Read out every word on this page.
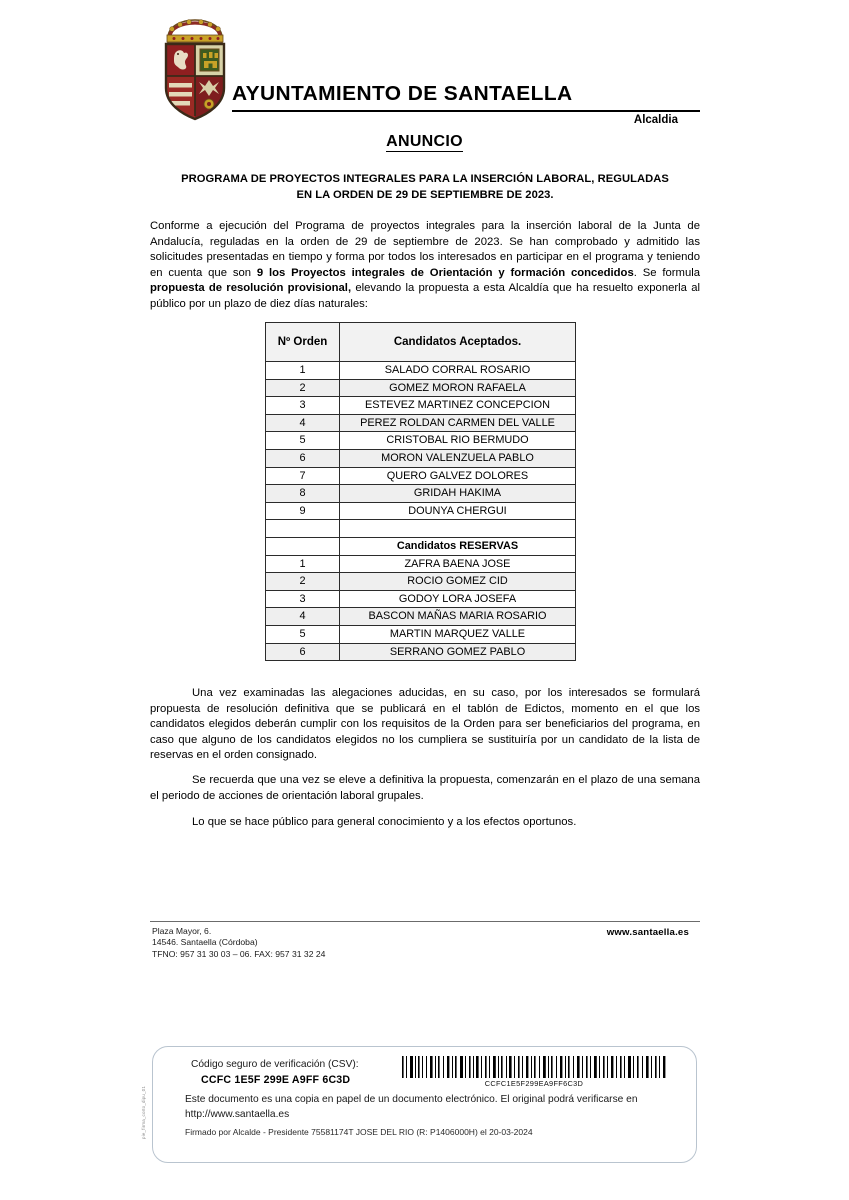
AYUNTAMIENTO DE SANTAELLA
Alcaldia
ANUNCIO
PROGRAMA DE PROYECTOS INTEGRALES PARA LA INSERCIÓN LABORAL, REGULADAS
EN LA ORDEN DE 29 DE SEPTIEMBRE DE 2023.
Conforme a ejecución del Programa de proyectos integrales para la inserción laboral de la Junta de Andalucía, reguladas en la orden de 29 de septiembre de 2023. Se han comprobado y admitido las solicitudes presentadas en tiempo y forma por todos los interesados en participar en el programa y teniendo en cuenta que son 9 los Proyectos integrales de Orientación y formación concedidos. Se formula propuesta de resolución provisional, elevando la propuesta a esta Alcaldía que ha resuelto exponerla al público por un plazo de diez días naturales:
Nº Orden	Candidatos Aceptados.
1	SALADO CORRAL ROSARIO
2	GOMEZ MORON RAFAELA
3	ESTEVEZ MARTINEZ CONCEPCION
4	PEREZ ROLDAN CARMEN DEL VALLE
5	CRISTOBAL RIO BERMUDO
6	MORON VALENZUELA PABLO
7	QUERO GALVEZ DOLORES
8	GRIDAH HAKIMA
9	DOUNYA CHERGUI

	Candidatos RESERVAS
1	ZAFRA BAENA JOSE
2	ROCIO GOMEZ CID
3	GODOY LORA JOSEFA
4	BASCON MAÑAS MARIA ROSARIO
5	MARTIN MARQUEZ VALLE
6	SERRANO GOMEZ PABLO
Una vez examinadas las alegaciones aducidas, en su caso, por los interesados se formulará propuesta de resolución definitiva que se publicará en el tablón de Edictos, momento en el que los candidatos elegidos deberán cumplir con los requisitos de la Orden para ser beneficiarios del programa, en caso que alguno de los candidatos elegidos no los cumpliera se sustituiría por un candidato de la lista de reservas en el orden consignado.
Se recuerda que una vez se eleve a definitiva la propuesta, comenzarán en el plazo de una semana el periodo de acciones de orientación laboral grupales.
Lo que se hace público para general conocimiento y a los efectos oportunos.
Plaza Mayor, 6.
14546. Santaella (Córdoba)
TFNO: 957 31 30 03 – 06. FAX: 957 31 32 24
www.santaella.es
pie_firma_corto_dipu_01
Código seguro de verificación (CSV):
CCFC 1E5F 299E A9FF 6C3D	CCFC1E5F299EA9FF6C3D
Este documento es una copia en papel de un documento electrónico. El original podrá verificarse en http://www.santaella.es
Firmado por Alcalde - Presidente 75581174T JOSE DEL RIO (R: P1406000H) el 20-03-2024
